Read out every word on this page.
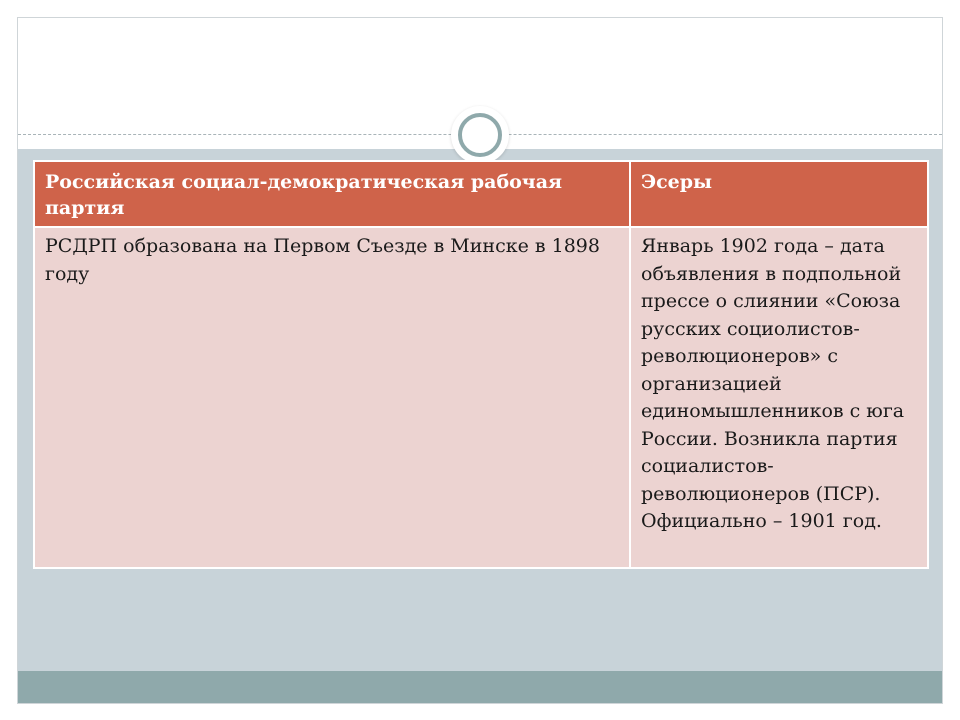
Российская социал-демократическая рабочая партия	Эсеры
РСДРП образована на Первом Съезде в Минске в 1898 году	Январь 1902 года – дата объявления в подпольной прессе о слиянии «Союза русских социолистов-революционеров» с организацией единомышленников с юга России. Возникла партия социалистов-революционеров (ПСР). Официально – 1901 год.
